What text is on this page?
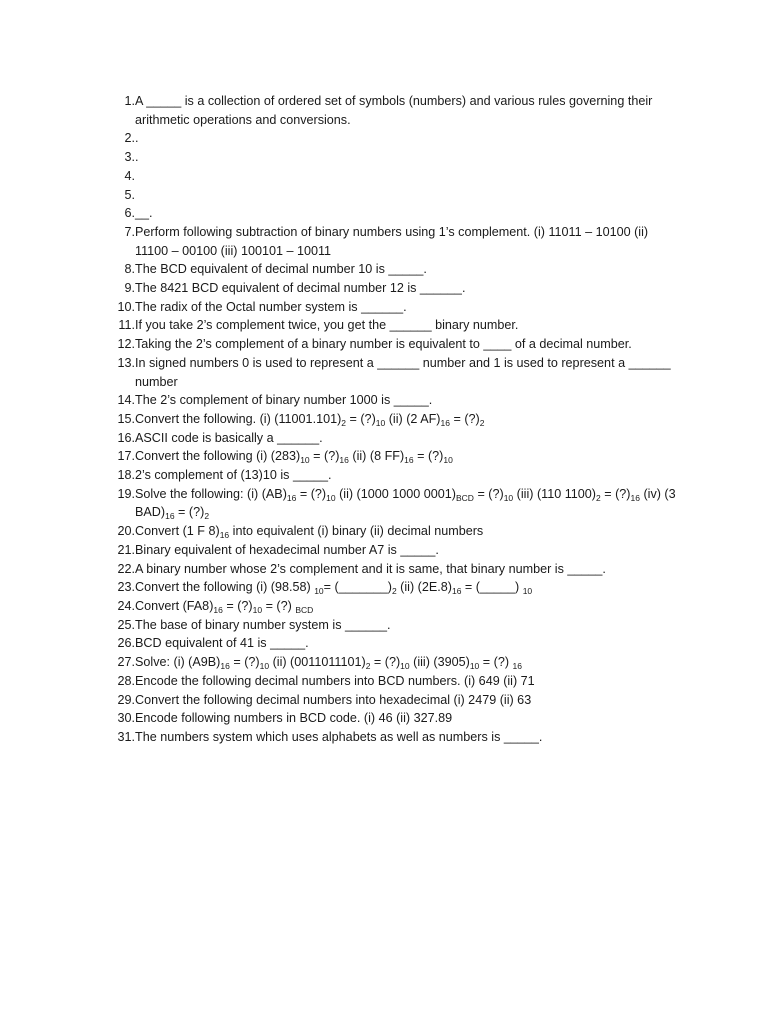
1. A _____ is a collection of ordered set of symbols (numbers) and various rules governing their arithmetic operations and conversions.
2. .
3. .
4.
5.
6. __.
7. Perform following subtraction of binary numbers using 1’s complement. (i) 11011 – 10100 (ii) 11100 – 00100 (iii) 100101 – 10011
8. The BCD equivalent of decimal number 10 is _____.
9. The 8421 BCD equivalent of decimal number 12 is ______.
10. The radix of the Octal number system is ______.
11. If you take 2’s complement twice, you get the ______ binary number.
12. Taking the 2’s complement of a binary number is equivalent to ____ of a decimal number.
13. In signed numbers 0 is used to represent a ______ number and 1 is used to represent a ______ number
14. The 2’s complement of binary number 1000 is _____.
15. Convert the following. (i) $(11001.101)_2$ = $(?)_{10}$ (ii) (2 $AF)_{16}$ = $(?)_2$
16. ASCII code is basically a ______.
17. Convert the following (i) $(283)_{10}$ = $(?)_{16}$ (ii) (8 $FF)_{16}$ = $(?)_{10}$
18. 2’s complement of (13)10 is _____.
19. Solve the following: (i) $(AB)_{16}$ = $(?)_{10}$ (ii) (1000 1000 $0001)_{BCD}$ = $(?)_{10}$ (iii) (110 $1100)_2$ = $(?)_{16}$ (iv) (3 $BAD)_{16}$ = $(?)_2$
20. Convert (1 F $8)_{16}$ into equivalent (i) binary (ii) decimal numbers
21. Binary equivalent of hexadecimal number A7 is _____.
22. A binary number whose 2’s complement and it is same, that binary number is _____.
23. Convert the following (i) (98.58) $_{10}= (\_\_\_\_\_\_\_)_2$ (ii) $(2E.8)_{16}$ = (_____) $_{10}$
24. Convert $(FA8)_{16}$ = $(?)_{10}$ = (?) $_{BCD}$
25. The base of binary number system is ______.
26. BCD equivalent of 41 is _____.
27. Solve: (i) $(A9B)_{16}$ = $(?)_{10}$ (ii) $(0011011101)_2$ = $(?)_{10}$ (iii) $(3905)_{10}$ = (?) $_{16}$
28. Encode the following decimal numbers into BCD numbers. (i) 649 (ii) 71
29. Convert the following decimal numbers into hexadecimal (i) 2479 (ii) 63
30. Encode following numbers in BCD code. (i) 46 (ii) 327.89
31. The numbers system which uses alphabets as well as numbers is _____.
